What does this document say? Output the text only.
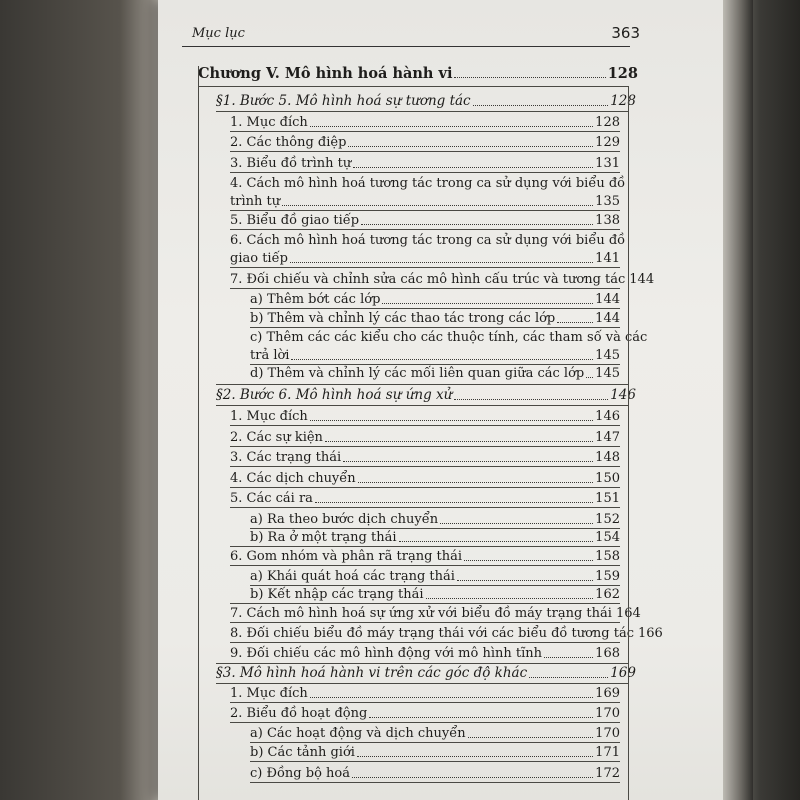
Mục lục	363
Chương V. Mô hình hoá hành vi	128
§1. Bước 5. Mô hình hoá sự tương tác	128
1. Mục đích	128
2. Các thông điệp	129
3. Biểu đồ trình tự	131
4. Cách mô hình hoá tương tác trong ca sử dụng với biểu đồ
trình tự	135
5. Biểu đồ giao tiếp	138
6. Cách mô hình hoá tương tác trong ca sử dụng với biểu đồ
giao tiếp	141
7. Đối chiếu và chỉnh sửa các mô hình cấu trúc và tương tác 144
a) Thêm bớt các lớp	144
b) Thêm và chỉnh lý các thao tác trong các lớp	144
c) Thêm các các kiểu cho các thuộc tính, các tham số và các
trả lời	145
d) Thêm và chỉnh lý các mối liên quan giữa các lớp 145
§2. Bước 6. Mô hình hoá sự ứng xử	146
1. Mục đích	146
2. Các sự kiện	147
3. Các trạng thái	148
4. Các dịch chuyển	150
5. Các cái ra	151
a) Ra theo bước dịch chuyển	152
b) Ra ở một trạng thái	154
6. Gom nhóm và phân rã trạng thái	158
a) Khái quát hoá các trạng thái	159
b) Kết nhập các trạng thái	162
7. Cách mô hình hoá sự ứng xử với biểu đồ máy trạng thái 164
8. Đối chiếu biểu đồ máy trạng thái với các biểu đồ tương tác 166
9. Đối chiếu các mô hình động với mô hình tĩnh	168
§3. Mô hình hoá hành vi trên các góc độ khác	169
1. Mục đích	169
2. Biểu đồ hoạt động	170
a) Các hoạt động và dịch chuyển	170
b) Các tảnh giới	171
c) Đồng bộ hoá	172
